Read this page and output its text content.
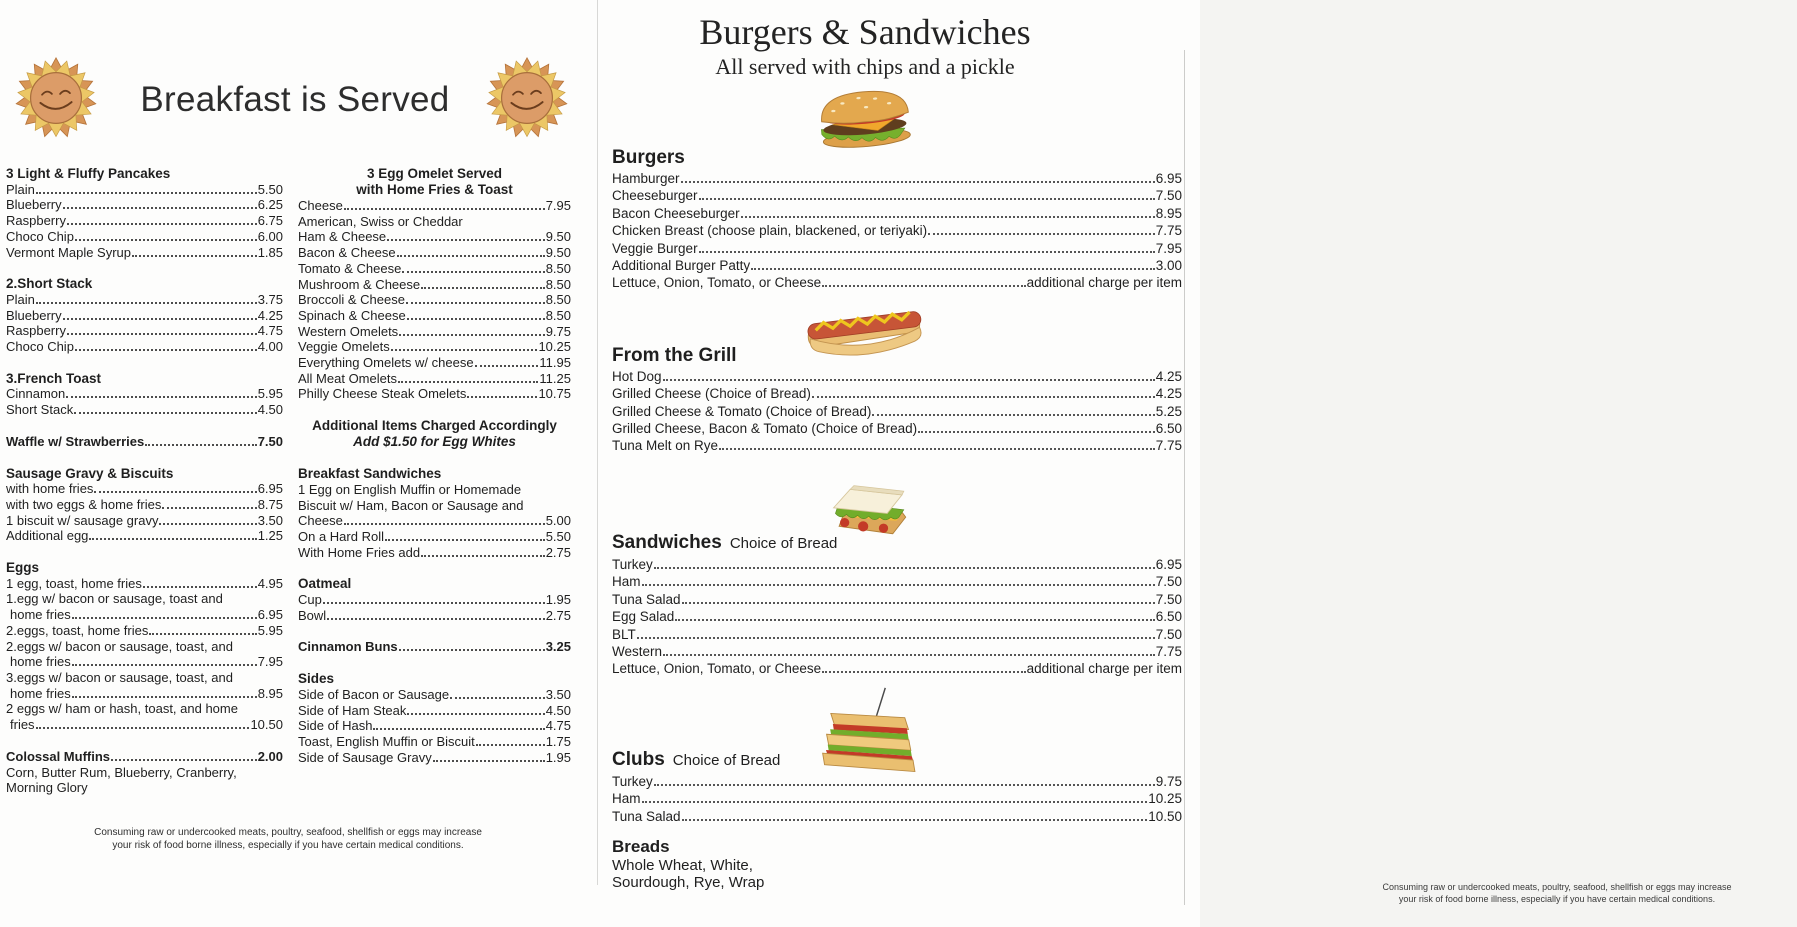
Breakfast is Served
3 Light & Fluffy Pancakes
Plain	5.50
Blueberry	6.25
Raspberry	6.75
Choco Chip	6.00
Vermont Maple Syrup	1.85
2.Short Stack
Plain	3.75
Blueberry	4.25
Raspberry	4.75
Choco Chip	4.00
3.French Toast
Cinnamon	5.95
Short Stack	4.50
Waffle w/ Strawberries	7.50
Sausage Gravy & Biscuits
with home fries	6.95
with two eggs & home fries	8.75
1 biscuit w/ sausage gravy	3.50
Additional egg	1.25
Eggs
1 egg, toast, home fries	4.95
1.egg w/ bacon or sausage, toast and
home fries	6.95
2.eggs, toast, home fries	5.95
2.eggs w/ bacon or sausage, toast, and
home fries	7.95
3.eggs w/ bacon or sausage, toast, and
home fries	8.95
2 eggs w/ ham or hash, toast, and home
fries	10.50
Colossal Muffins	2.00
Corn, Butter Rum, Blueberry, Cranberry,
Morning Glory
3 Egg Omelet Served
with Home Fries & Toast
Cheese	7.95
American, Swiss or Cheddar
Ham & Cheese	9.50
Bacon & Cheese	9.50
Tomato & Cheese	8.50
Mushroom & Cheese	8.50
Broccoli & Cheese	8.50
Spinach & Cheese	8.50
Western Omelets	9.75
Veggie Omelets	10.25
Everything Omelets w/ cheese	11.95
All Meat Omelets	11.25
Philly Cheese Steak Omelets	10.75
Additional Items Charged Accordingly
Add $1.50 for Egg Whites
Breakfast Sandwiches
1 Egg on English Muffin or Homemade
Biscuit w/ Ham, Bacon or Sausage and
Cheese	5.00
On a Hard Roll	5.50
With Home Fries add	2.75
Oatmeal
Cup	1.95
Bowl	2.75
Cinnamon Buns	3.25
Sides
Side of Bacon or Sausage	3.50
Side of Ham Steak	4.50
Side of Hash	4.75
Toast, English Muffin or Biscuit	1.75
Side of Sausage Gravy	1.95
Consuming raw or undercooked meats, poultry, seafood, shellfish or eggs may increase
your risk of food borne illness, especially if you have certain medical conditions.
Burgers & Sandwiches
All served with chips and a pickle
Burgers
Hamburger	6.95
Cheeseburger	7.50
Bacon Cheeseburger	8.95
Chicken Breast (choose plain, blackened, or teriyaki)	7.75
Veggie Burger	7.95
Additional Burger Patty	3.00
Lettuce, Onion, Tomato, or Cheese	additional charge per item
From the Grill
Hot Dog	4.25
Grilled Cheese (Choice of Bread)	4.25
Grilled Cheese & Tomato (Choice of Bread)	5.25
Grilled Cheese, Bacon & Tomato (Choice of Bread)	6.50
Tuna Melt on Rye	7.75
Sandwiches Choice of Bread
Turkey	6.95
Ham	7.50
Tuna Salad	7.50
Egg Salad	6.50
BLT	7.50
Western	7.75
Lettuce, Onion, Tomato, or Cheese	additional charge per item
Clubs Choice of Bread
Turkey	9.75
Ham	10.25
Tuna Salad	10.50
Breads
Whole Wheat, White,
Sourdough, Rye, Wrap	Consuming raw or undercooked meats, poultry, seafood, shellfish or eggs may increase
your risk of food borne illness, especially if you have certain medical conditions.
